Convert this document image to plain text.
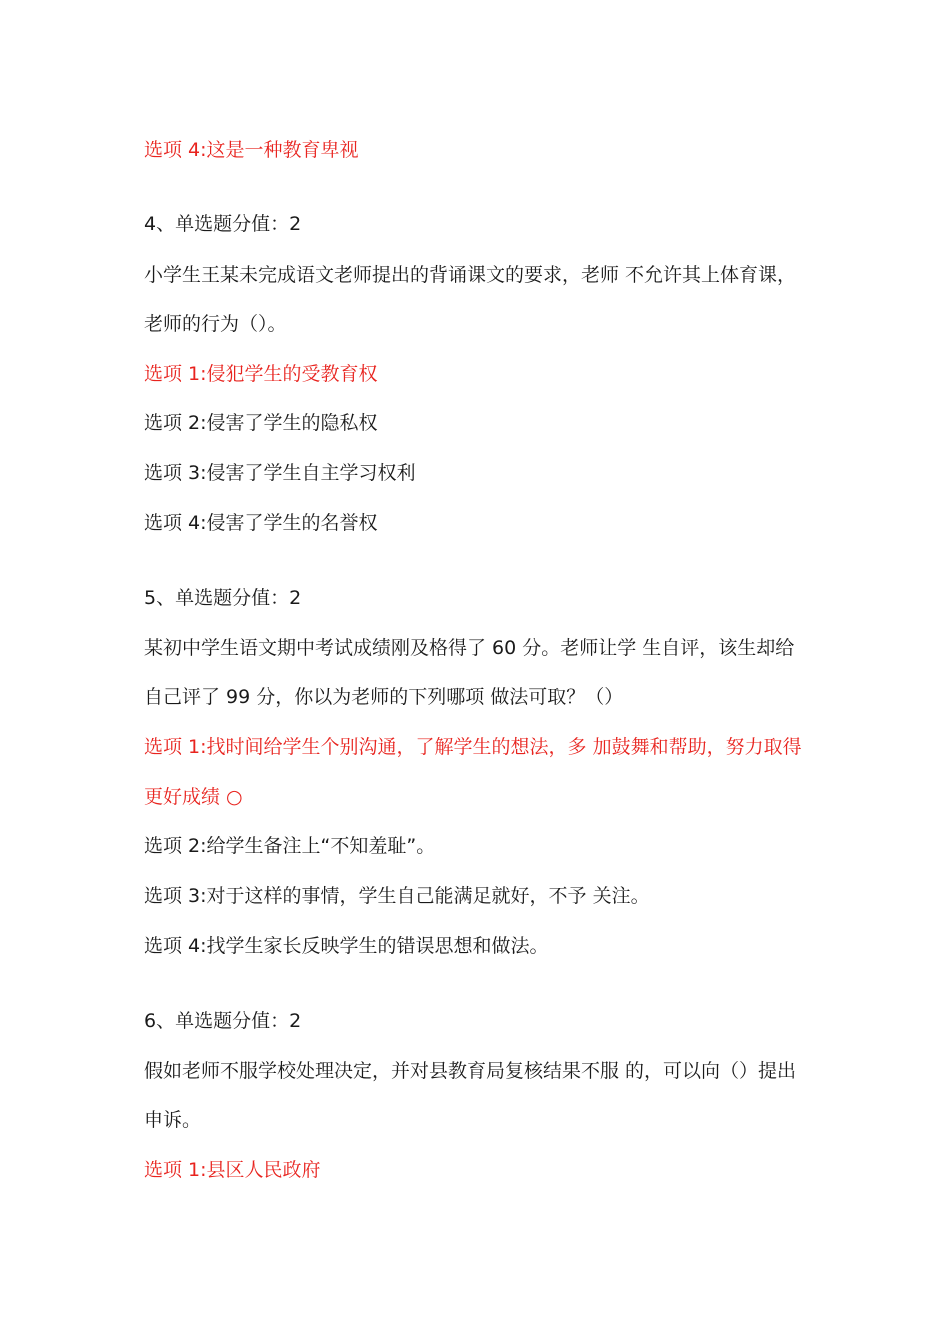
选项 4:这是一种教育卑视
4、单选题分值：2
小学生王某未完成语文老师提出的背诵课文的要求，老师 不允许其上体育课，
老师的行为（）。
选项 1:侵犯学生的受教育权
选项 2:侵害了学生的隐私权
选项 3:侵害了学生自主学习权利
选项 4:侵害了学生的名誉权
5、单选题分值：2
某初中学生语文期中考试成绩刚及格得了 60 分。老师让学 生自评，该生却给
自己评了 99 分，你以为老师的下列哪项 做法可取？（）
选项 1:找时间给学生个别沟通，了解学生的想法，多 加鼓舞和帮助，努力取得
更好成绩 ○
选项 2:给学生备注上“不知羞耻”。
选项 3:对于这样的事情，学生自己能满足就好，不予 关注。
选项 4:找学生家长反映学生的错误思想和做法。
6、单选题分值：2
假如老师不服学校处理决定，并对县教育局复核结果不服 的，可以向（）提出
申诉。
选项 1:县区人民政府
